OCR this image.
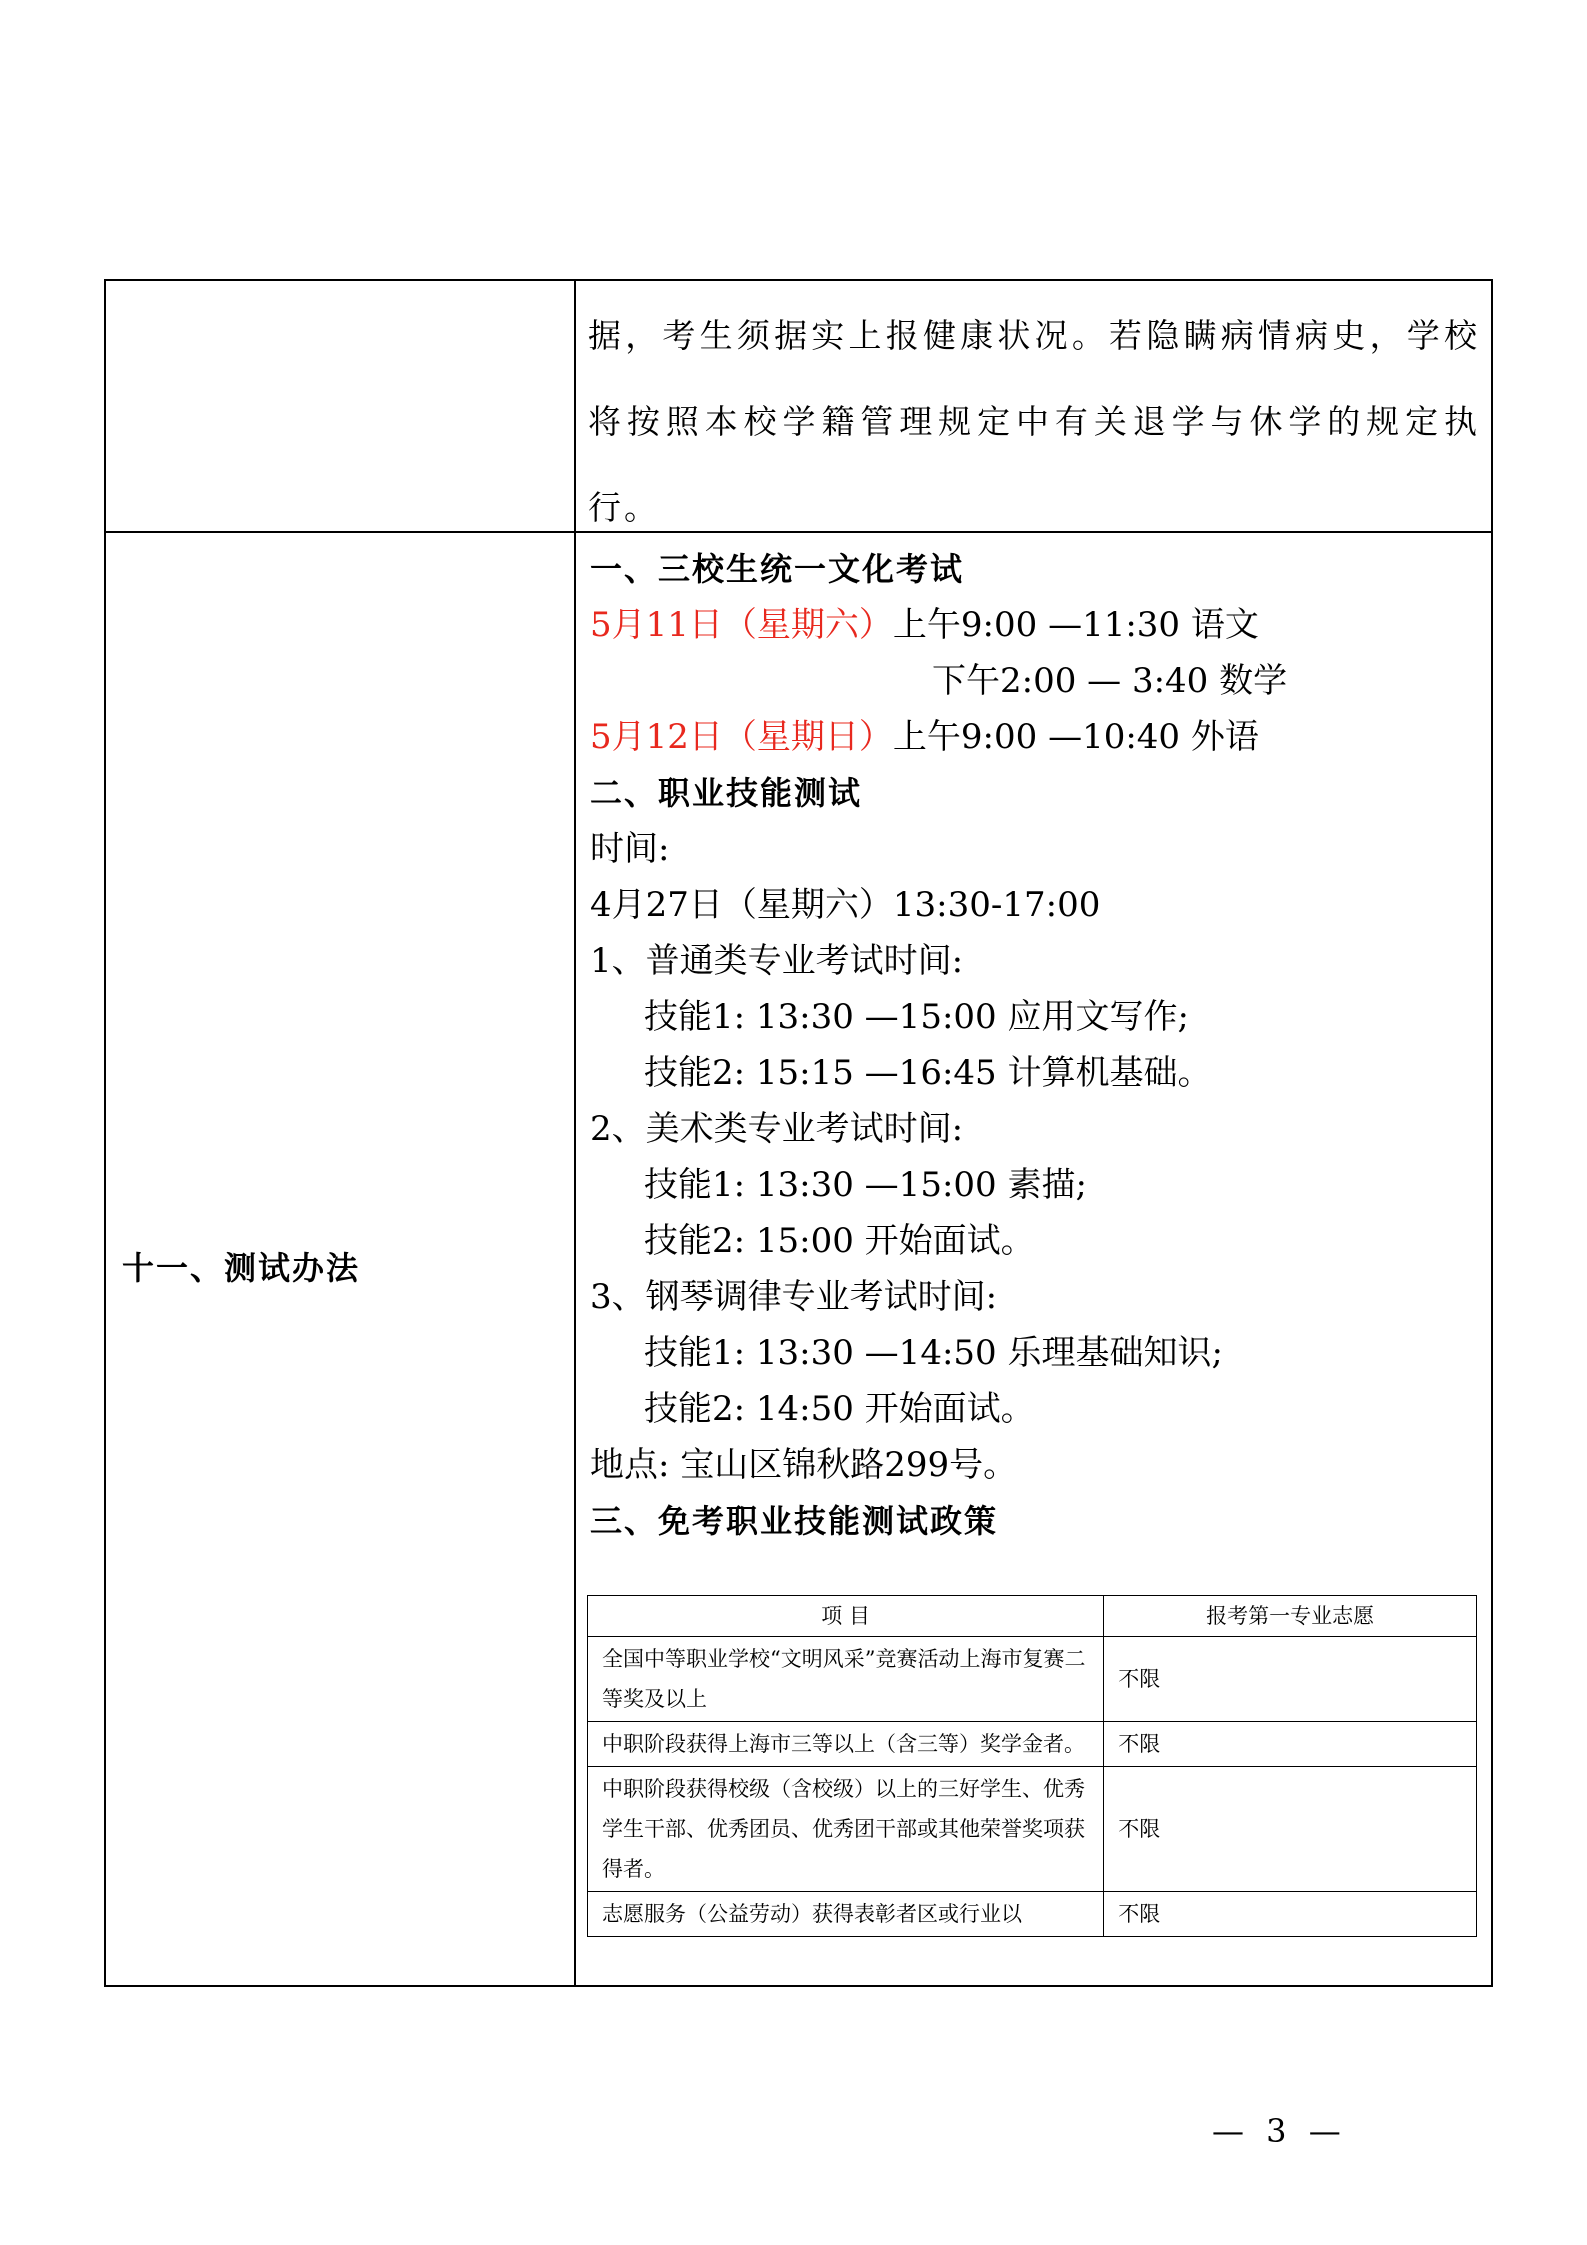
据，考生须据实上报健康状况。若隐瞒病情病史，学校将按照本校学籍管理规定中有关退学与休学的规定执行。
十一、测试办法
一、三校生统一文化考试
5月11日（星期六）上午9:00 —11:30 语文
下午2:00 — 3:40 数学
5月12日（星期日）上午9:00 —10:40 外语
二、职业技能测试
时间:
4月27日（星期六）13:30-17:00
1、普通类专业考试时间:
技能1: 13:30 —15:00 应用文写作;
技能2: 15:15 —16:45 计算机基础。
2、美术类专业考试时间:
技能1: 13:30 —15:00 素描;
技能2: 15:00 开始面试。
3、钢琴调律专业考试时间:
技能1: 13:30 —14:50 乐理基础知识;
技能2: 14:50 开始面试。
地点: 宝山区锦秋路299号。
三、免考职业技能测试政策
项 目	报考第一专业志愿
全国中等职业学校“文明风采”竞赛活动上海市复赛二等奖及以上	不限
中职阶段获得上海市三等以上（含三等）奖学金者。	不限
中职阶段获得校级（含校级）以上的三好学生、优秀学生干部、优秀团员、优秀团干部或其他荣誉奖项获得者。	不限
志愿服务（公益劳动）获得表彰者区或行业以	不限
— 3 —
